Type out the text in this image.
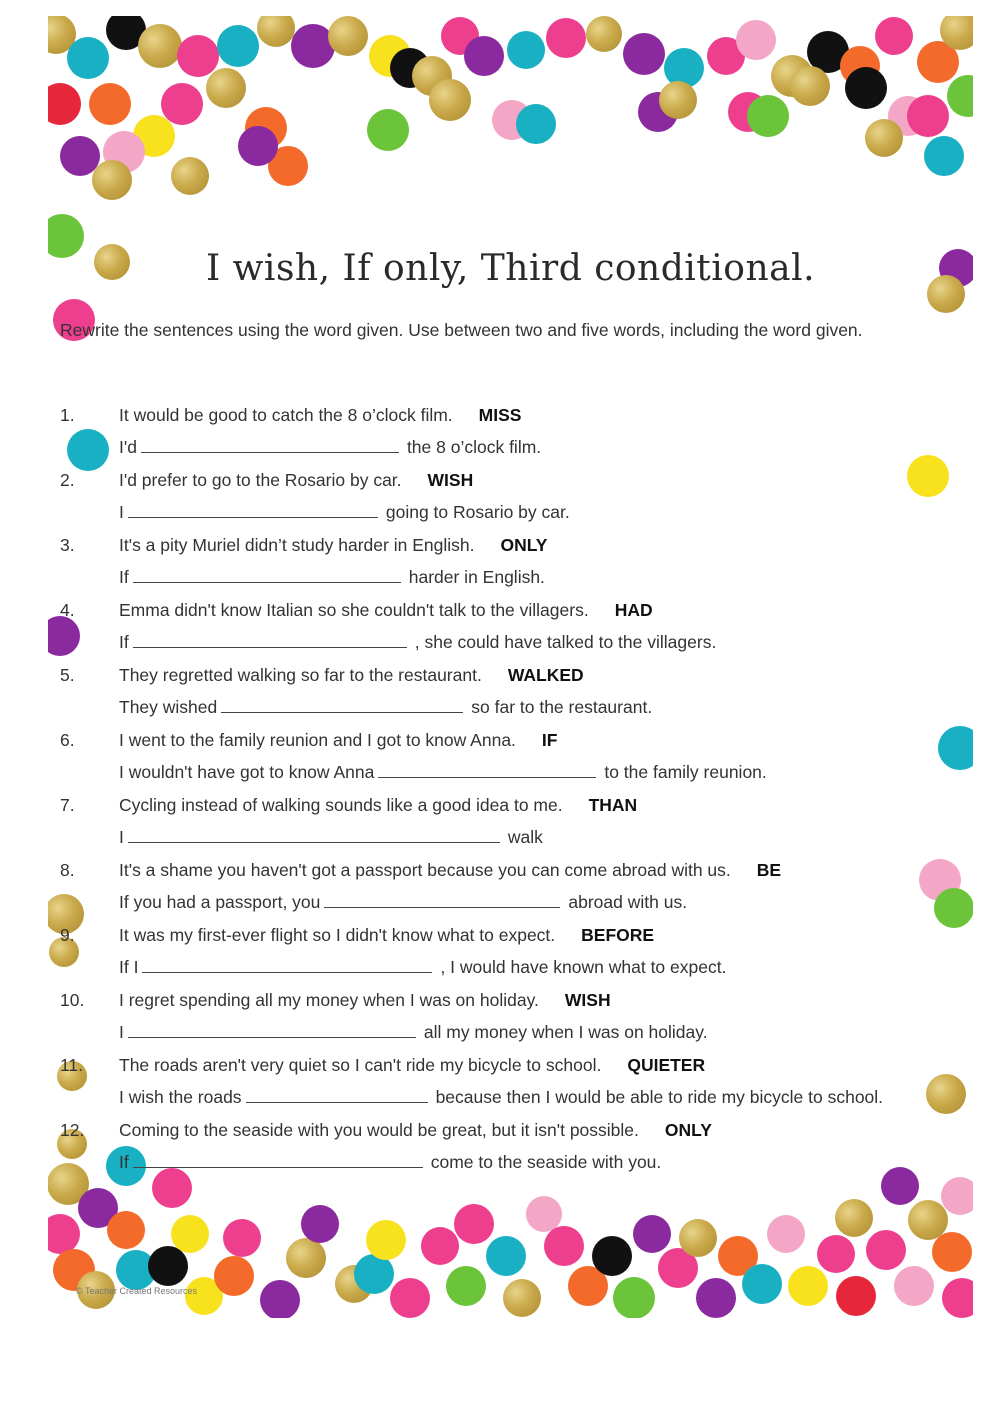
I wish, If only, Third conditional.
Rewrite the sentences using the word given. Use between two and five words, including the word given.
1.	It would be good to catch the 8 o’clock film. MISS
I'd	the 8 o’clock film.
2.	I'd prefer to go to the Rosario by car. WISH
I	going to Rosario by car.
3.	It's a pity Muriel didn’t study harder in English. ONLY
If	harder in English.
4.	Emma didn't know Italian so she couldn't talk to the villagers. HAD
If	, she could have talked to the villagers.
5.	They regretted walking so far to the restaurant. WALKED
They wished	so far to the restaurant.
6.	I went to the family reunion and I got to know Anna. IF
I wouldn't have got to know Anna	to the family reunion.
7.	Cycling instead of walking sounds like a good idea to me. THAN
I	walk
8.	It's a shame you haven't got a passport because you can come abroad with us. BE
If you had a passport, you	abroad with us.
9.	It was my first-ever flight so I didn't know what to expect. BEFORE
If I	, I would have known what to expect.
10. I regret spending all my money when I was on holiday. WISH
I	all my money when I was on holiday.
11. The roads aren't very quiet so I can't ride my bicycle to school. QUIETER
I wish the roads	because then I would be able to ride my bicycle to school.
12. Coming to the seaside with you would be great, but it isn't possible. ONLY
If	come to the seaside with you.
© Teacher Created Resources
